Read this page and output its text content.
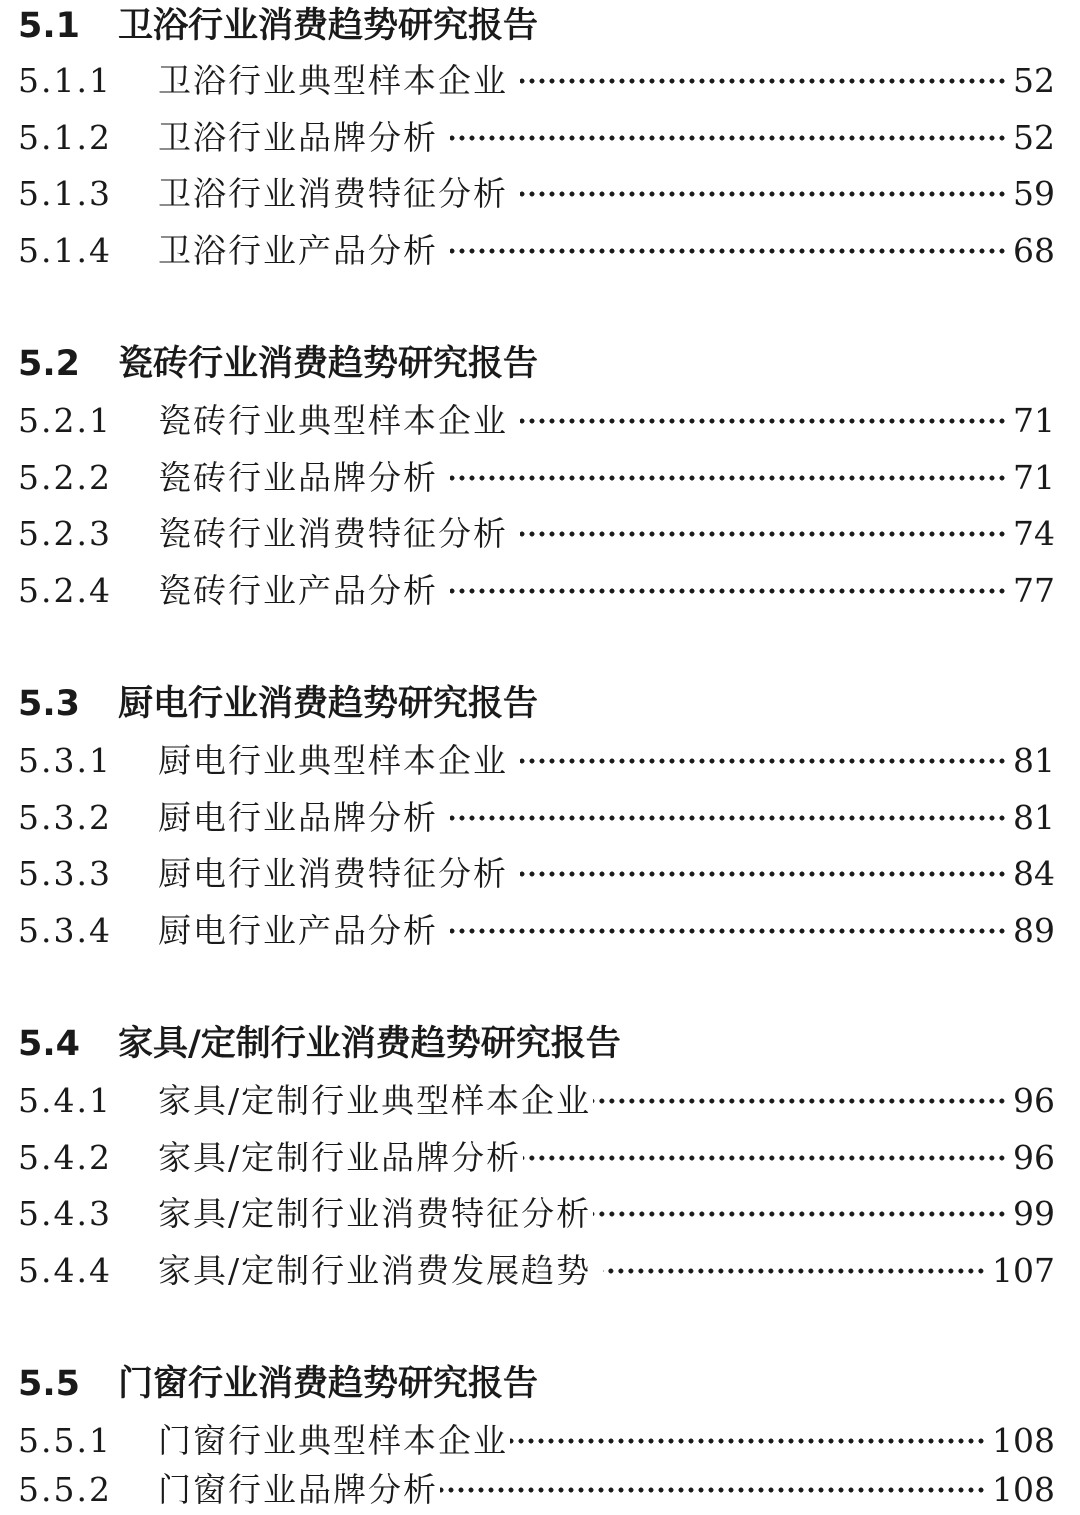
5.1 卫浴行业消费趋势研究报告
5.1.1	卫浴行业典型样本企业	52
5.1.2	卫浴行业品牌分析	52
5.1.3	卫浴行业消费特征分析	59
5.1.4	卫浴行业产品分析	68
5.2 瓷砖行业消费趋势研究报告
5.2.1	瓷砖行业典型样本企业	71
5.2.2	瓷砖行业品牌分析	71
5.2.3	瓷砖行业消费特征分析	74
5.2.4	瓷砖行业产品分析	77
5.3 厨电行业消费趋势研究报告
5.3.1	厨电行业典型样本企业	81
5.3.2	厨电行业品牌分析	81
5.3.3	厨电行业消费特征分析	84
5.3.4	厨电行业产品分析	89
5.4 家具/定制行业消费趋势研究报告
5.4.1	家具/定制行业典型样本企业	96
5.4.2	家具/定制行业品牌分析	96
5.4.3	家具/定制行业消费特征分析	99
5.4.4	家具/定制行业消费发展趋势	107
5.5 门窗行业消费趋势研究报告
5.5.1	门窗行业典型样本企业	108
5.5.2	门窗行业品牌分析	108
